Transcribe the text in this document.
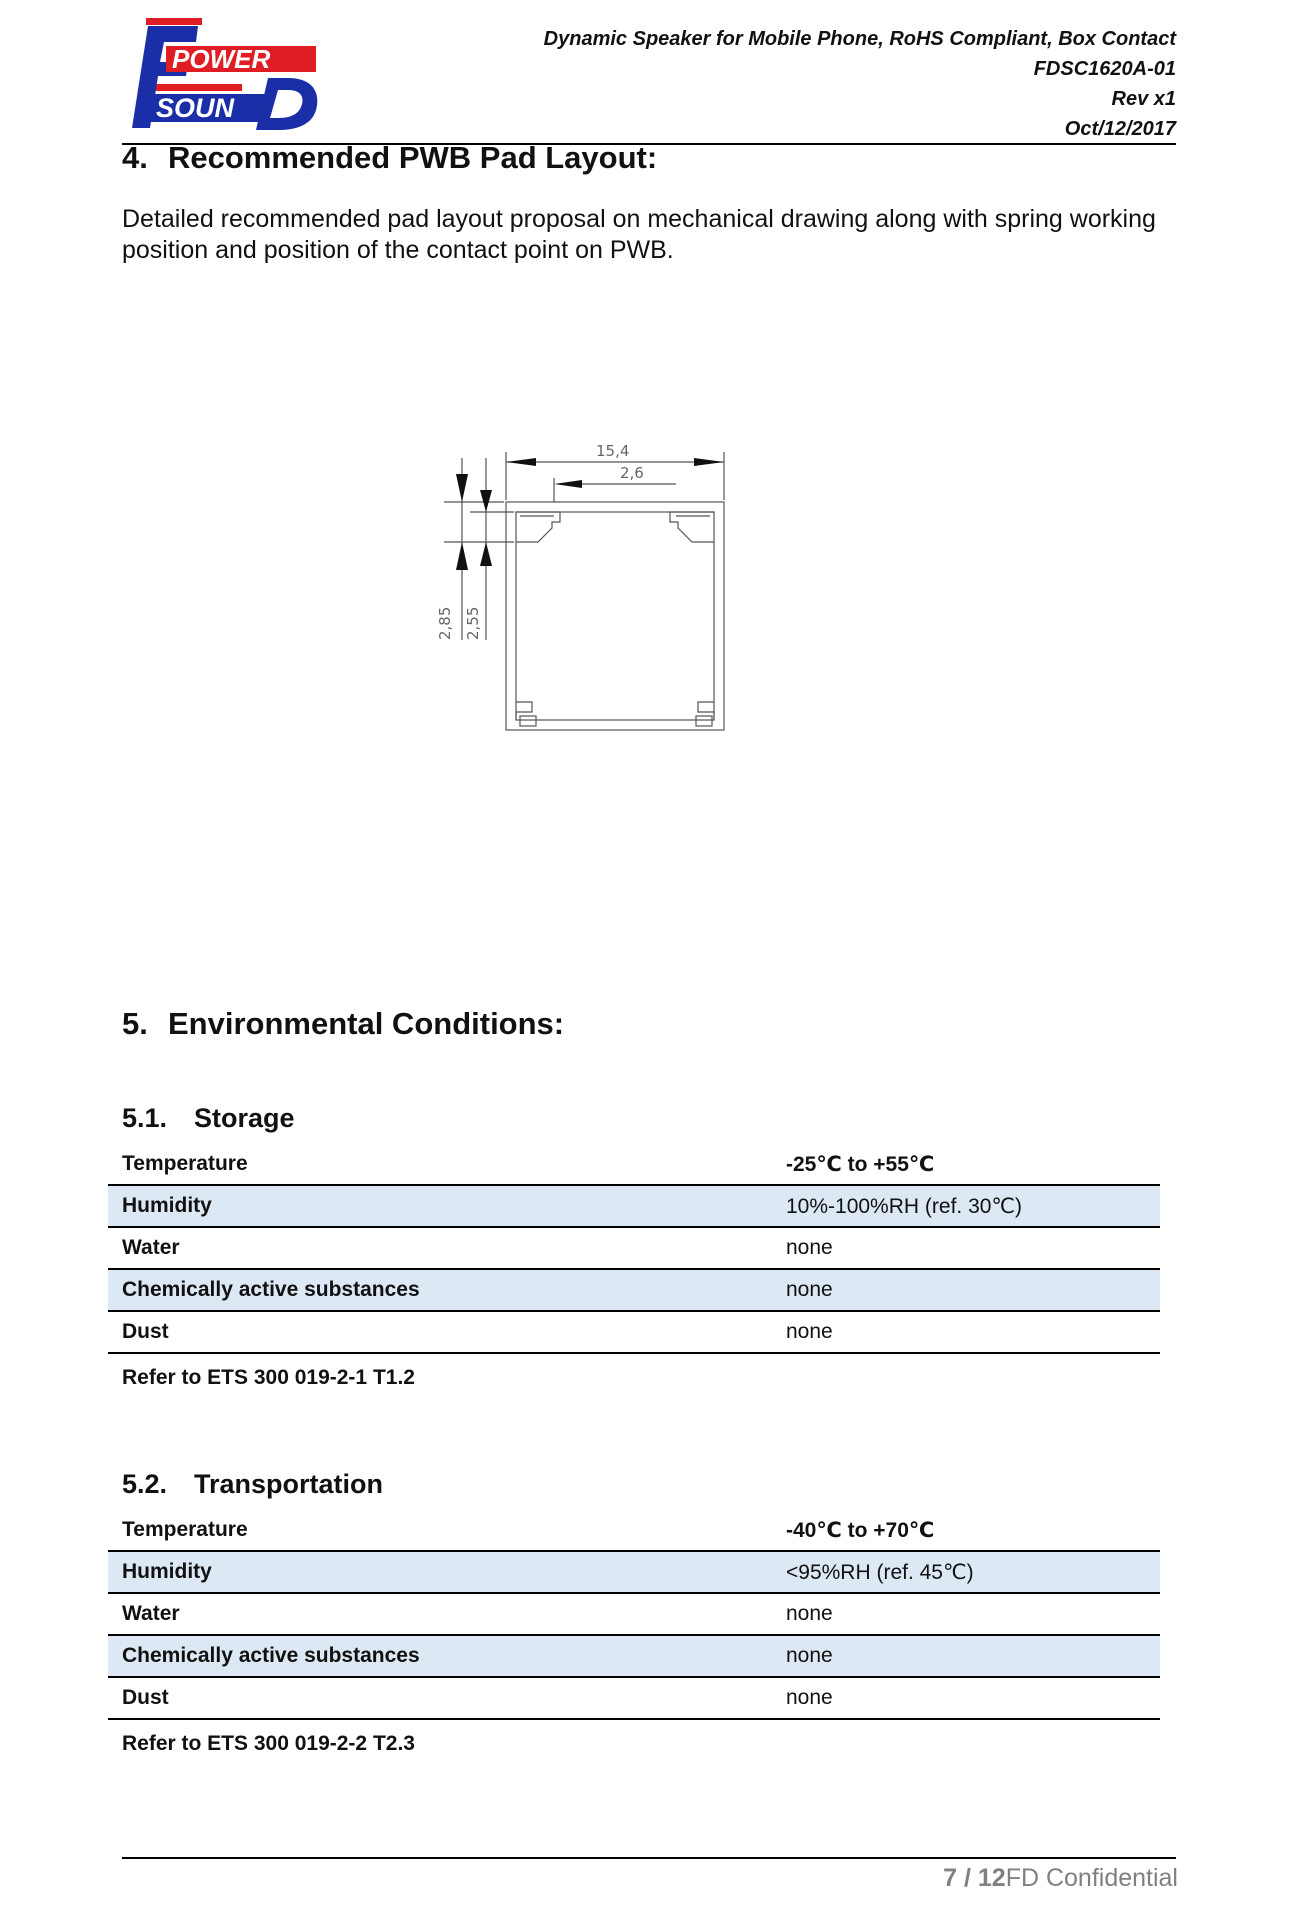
POWER
SOUN
Dynamic Speaker for Mobile Phone, RoHS Compliant, Box Contact
FDSC1620A-01
Rev x1
Oct/12/2017
4. Recommended PWB Pad Layout:
Detailed recommended pad layout proposal on mechanical drawing along with spring working position and position of the contact point on PWB.
15,4
2,6
2,85 2,55
5. Environmental Conditions:
5.1. Storage
Temperature	-25℃ to +55℃
Humidity	10%-100%RH (ref. 30℃)
Water	none
Chemically active substances	none
Dust	none
Refer to ETS 300 019-2-1 T1.2
5.2. Transportation
Temperature	-40℃ to +70℃
Humidity	<95%RH (ref. 45℃)
Water	none
Chemically active substances	none
Dust	none
Refer to ETS 300 019-2-2 T2.3
7 / 12FD Confidential
